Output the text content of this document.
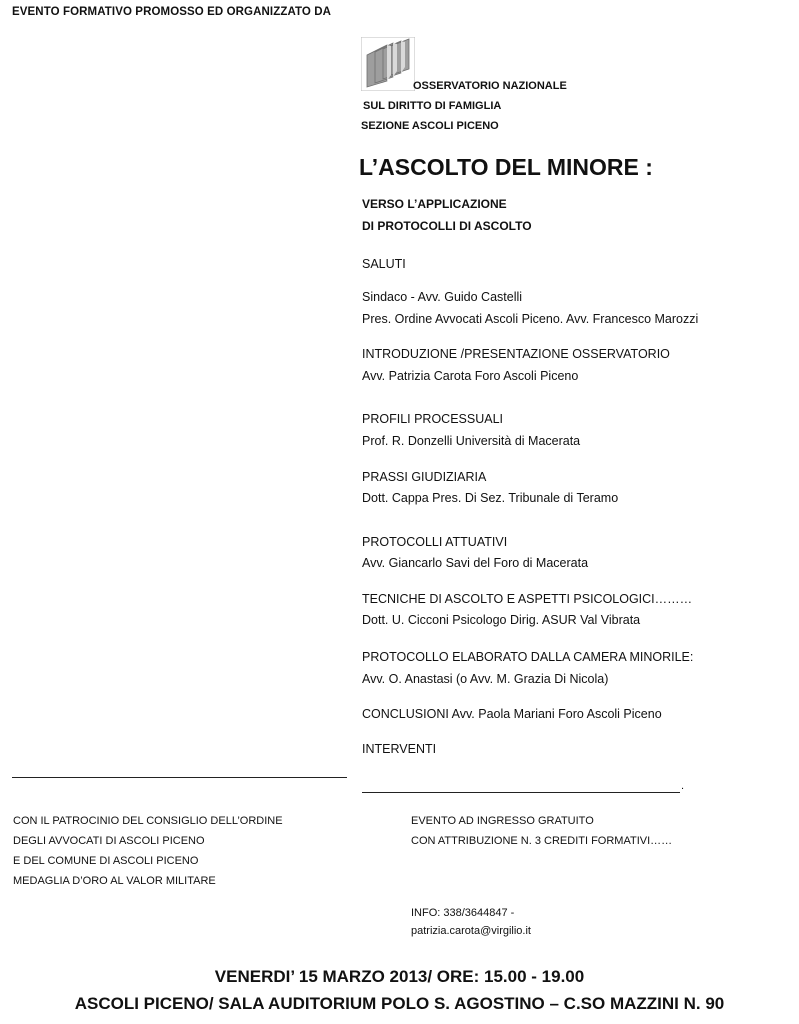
EVENTO FORMATIVO PROMOSSO ED ORGANIZZATO DA
OSSERVATORIO NAZIONALE
SUL DIRITTO DI FAMIGLIA
SEZIONE ASCOLI PICENO
L’ASCOLTO DEL MINORE :
VERSO L’APPLICAZIONE
DI PROTOCOLLI DI ASCOLTO
SALUTI
Sindaco - Avv. Guido Castelli
Pres. Ordine Avvocati Ascoli Piceno. Avv. Francesco Marozzi
INTRODUZIONE /PRESENTAZIONE OSSERVATORIO
Avv. Patrizia Carota Foro Ascoli Piceno
PROFILI PROCESSUALI
Prof. R. Donzelli Università di Macerata
PRASSI GIUDIZIARIA
Dott. Cappa Pres. Di Sez. Tribunale di Teramo
PROTOCOLLI ATTUATIVI
Avv. Giancarlo Savi del Foro di Macerata
TECNICHE DI ASCOLTO E ASPETTI PSICOLOGICI………
Dott. U. Cicconi Psicologo Dirig. ASUR Val Vibrata
PROTOCOLLO ELABORATO DALLA CAMERA MINORILE:
Avv. O. Anastasi (o Avv. M. Grazia Di Nicola)
CONCLUSIONI Avv. Paola Mariani Foro Ascoli Piceno
INTERVENTI
.
CON IL PATROCINIO DEL CONSIGLIO DELL’ORDINE
DEGLI AVVOCATI DI ASCOLI PICENO
E DEL COMUNE DI ASCOLI PICENO
MEDAGLIA D’ORO AL VALOR MILITARE
EVENTO AD INGRESSO GRATUITO
CON ATTRIBUZIONE N. 3 CREDITI FORMATIVI……
INFO: 338/3644847 -
patrizia.carota@virgilio.it
VENERDI’ 15 MARZO 2013/ ORE: 15.00 - 19.00
ASCOLI PICENO/ SALA AUDITORIUM POLO S. AGOSTINO – C.SO MAZZINI N. 90
